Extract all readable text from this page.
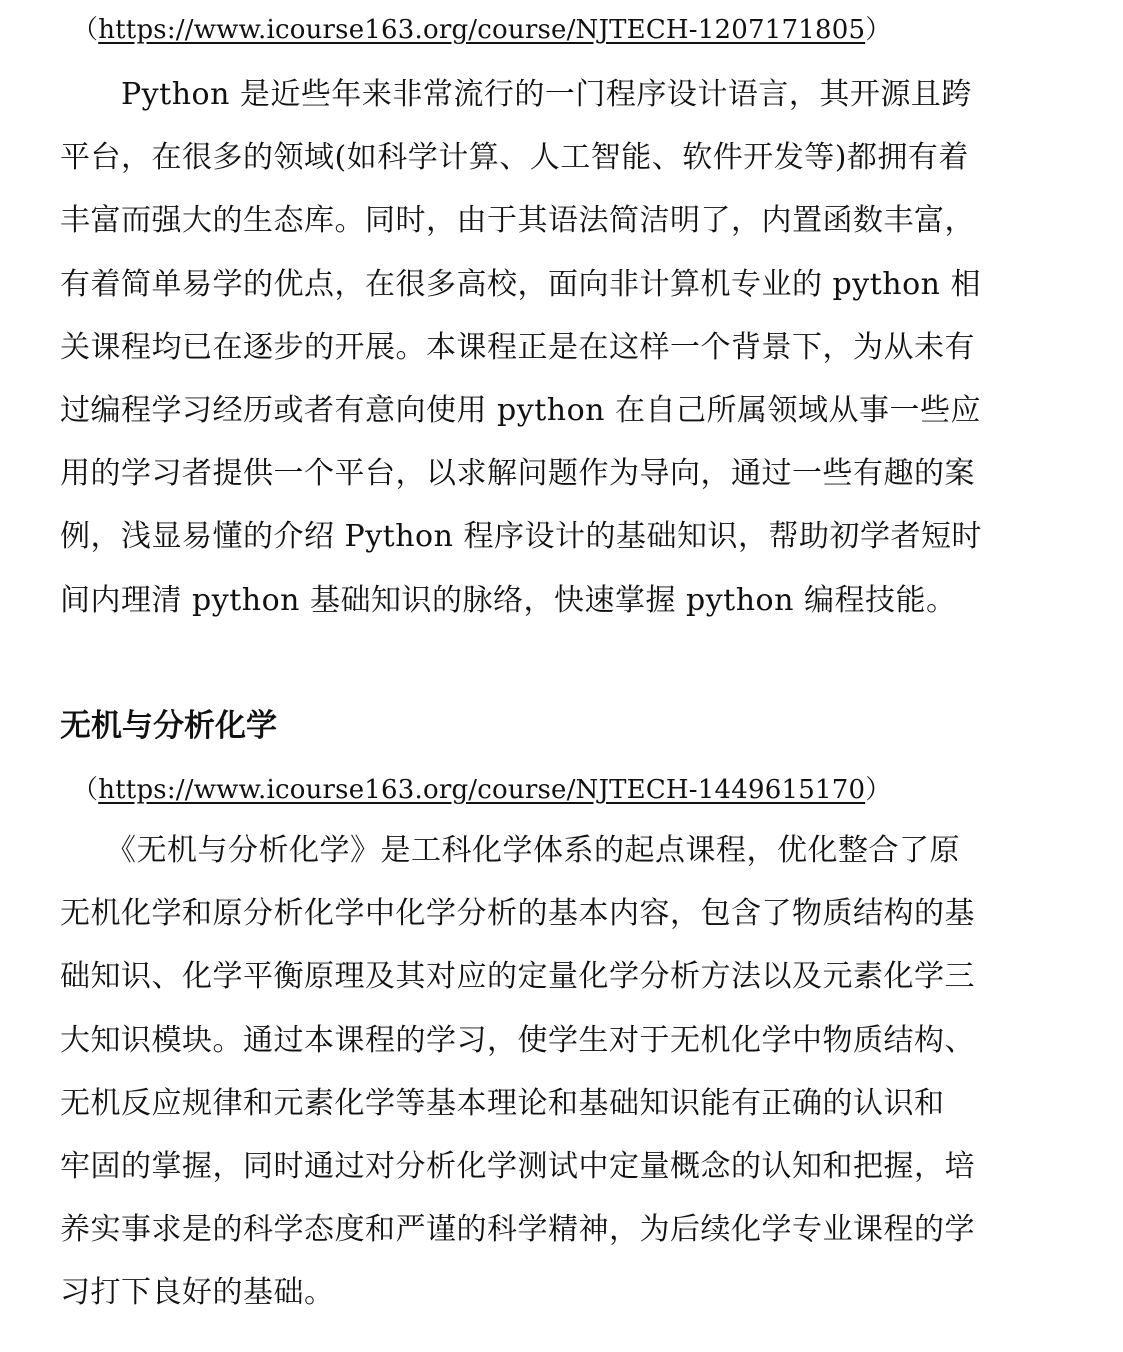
（https://www.icourse163.org/course/NJTECH-1207171805）
　　Python 是近些年来非常流行的一门程序设计语言，其开源且跨
平台，在很多的领域(如科学计算、人工智能、软件开发等)都拥有着
丰富而强大的生态库。同时，由于其语法简洁明了，内置函数丰富，
有着简单易学的优点，在很多高校，面向非计算机专业的 python 相
关课程均已在逐步的开展。本课程正是在这样一个背景下，为从未有
过编程学习经历或者有意向使用 python 在自己所属领域从事一些应
用的学习者提供一个平台，以求解问题作为导向，通过一些有趣的案
例，浅显易懂的介绍 Python 程序设计的基础知识，帮助初学者短时
间内理清 python 基础知识的脉络，快速掌握 python 编程技能。
无机与分析化学
（https://www.icourse163.org/course/NJTECH-1449615170）
　　《无机与分析化学》是工科化学体系的起点课程，优化整合了原
无机化学和原分析化学中化学分析的基本内容，包含了物质结构的基
础知识、化学平衡原理及其对应的定量化学分析方法以及元素化学三
大知识模块。通过本课程的学习，使学生对于无机化学中物质结构、
无机反应规律和元素化学等基本理论和基础知识能有正确的认识和
牢固的掌握，同时通过对分析化学测试中定量概念的认知和把握，培
养实事求是的科学态度和严谨的科学精神，为后续化学专业课程的学
习打下良好的基础。
